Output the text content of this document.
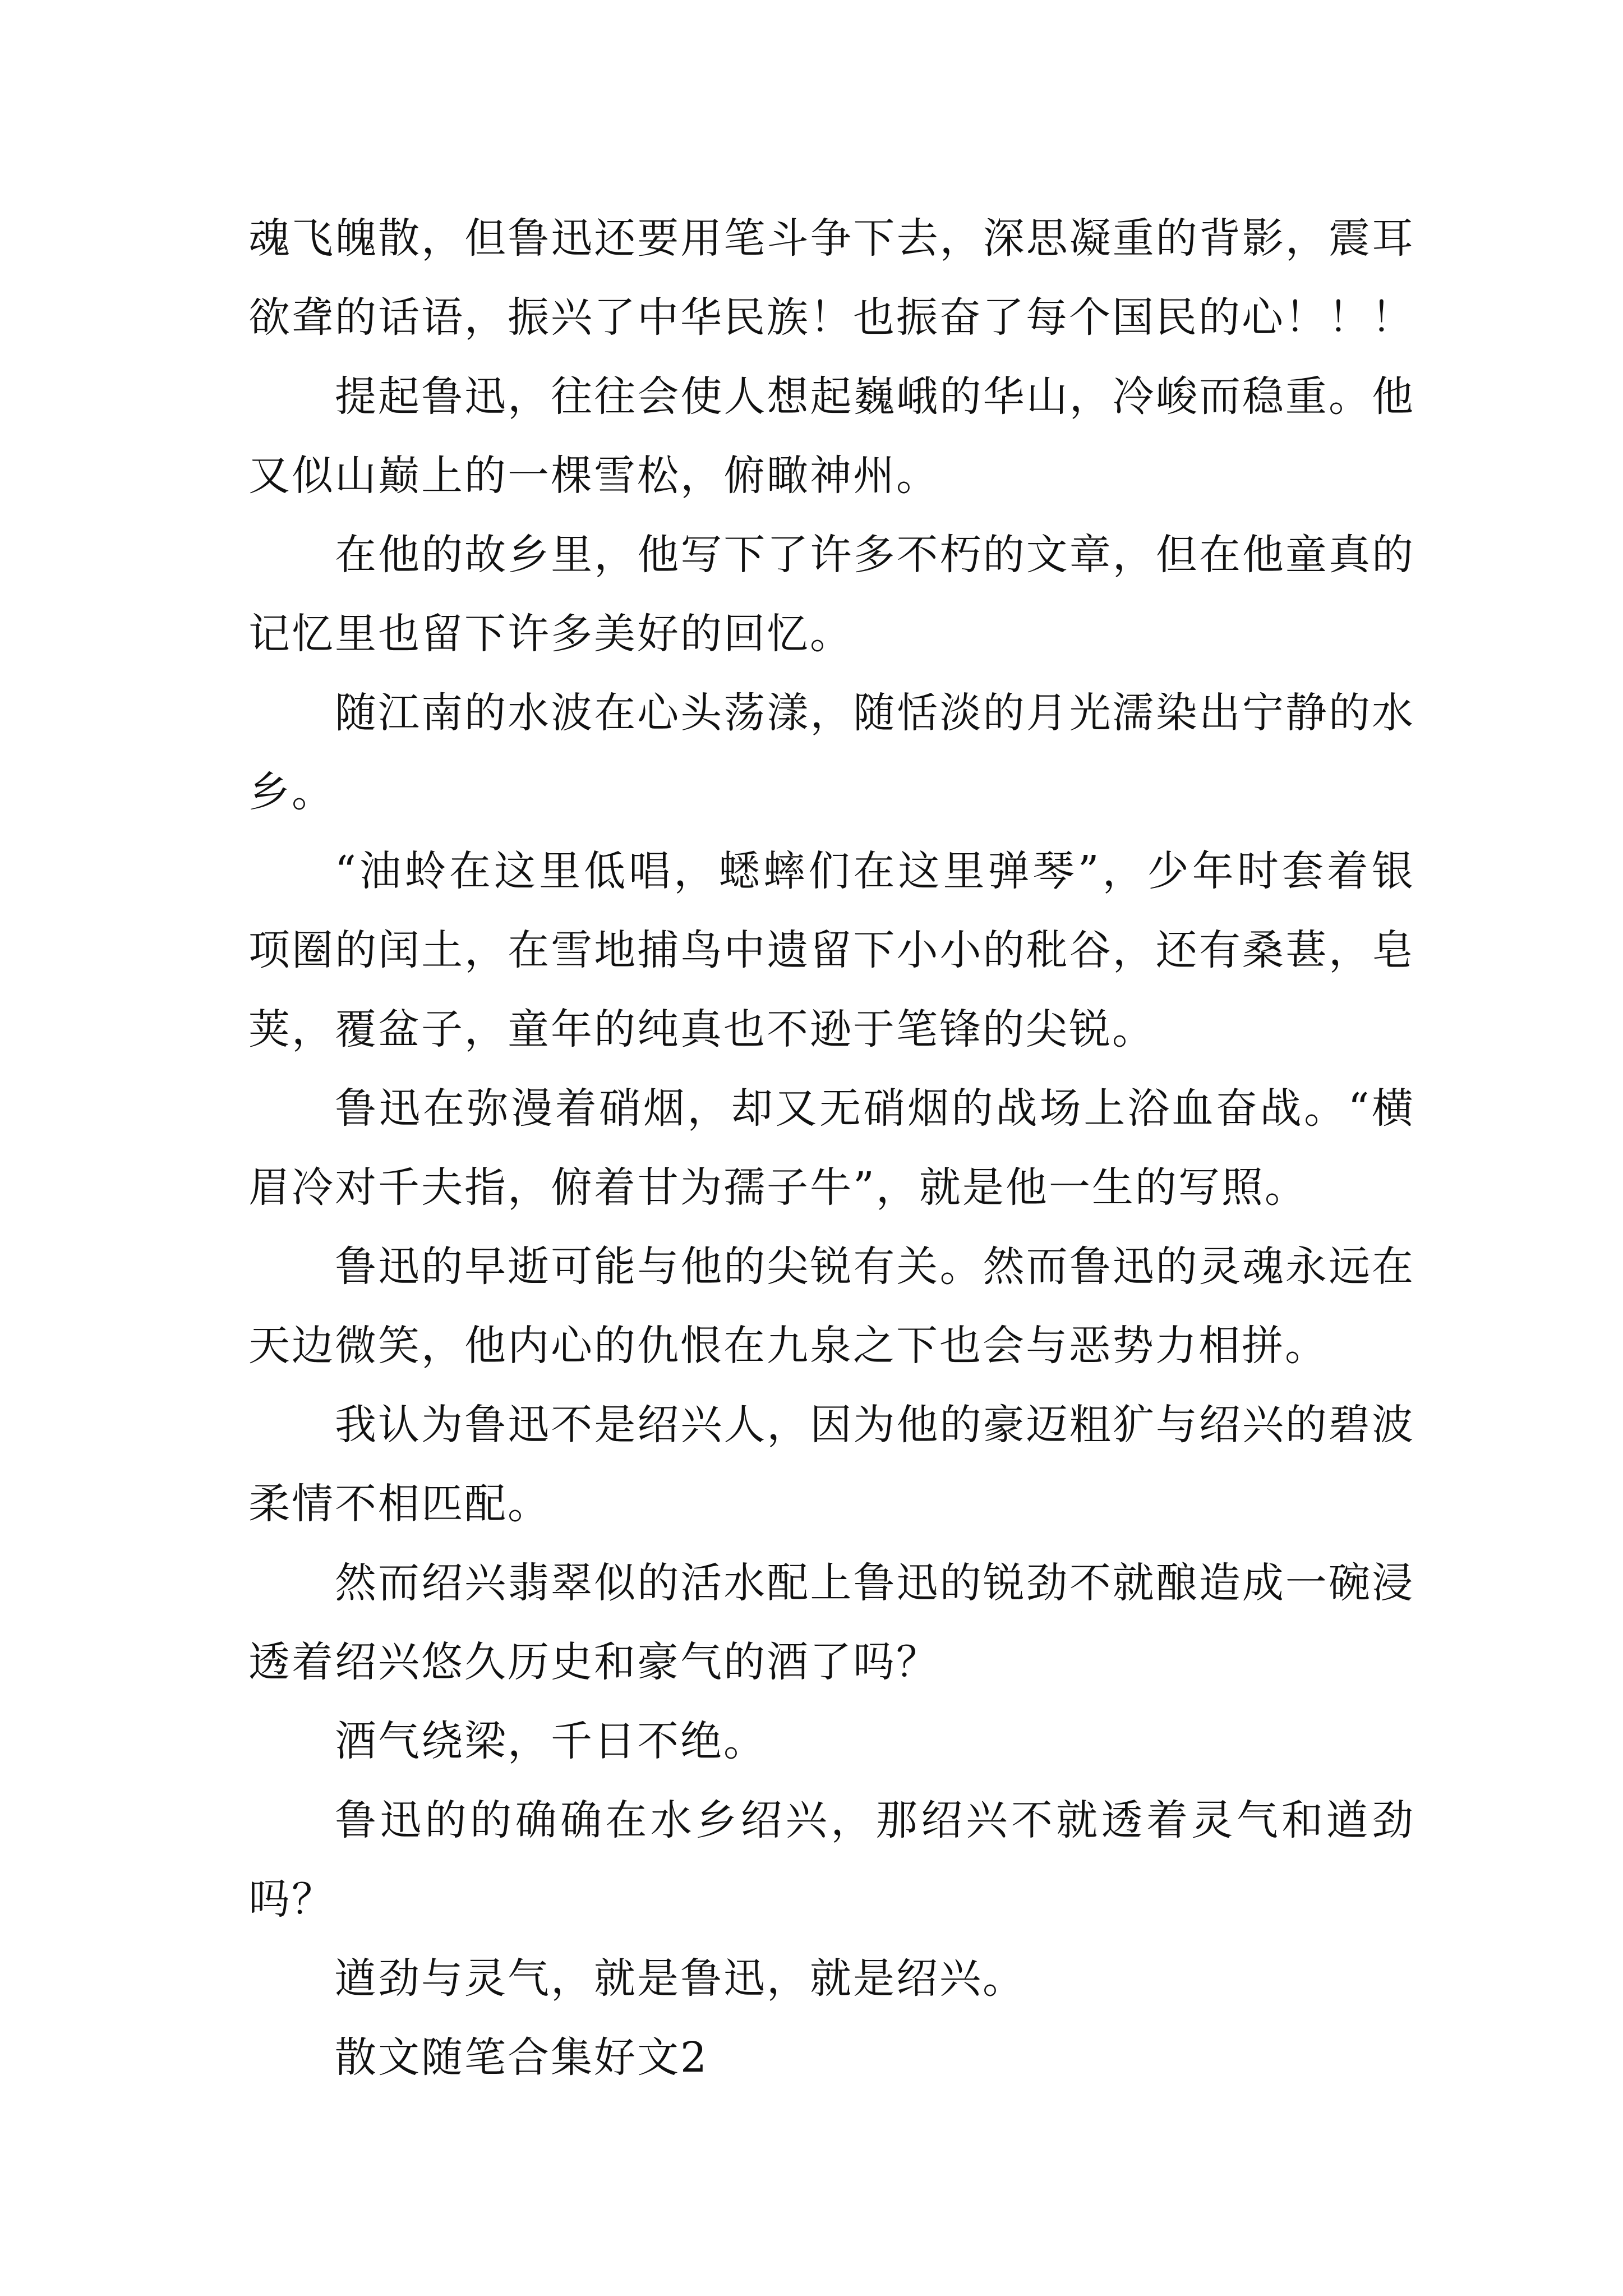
魂飞魄散，但鲁迅还要用笔斗争下去，深思凝重的背影，震耳欲聋的话语，振兴了中华民族！也振奋了每个国民的心！！！

提起鲁迅，往往会使人想起巍峨的华山，冷峻而稳重。他又似山巅上的一棵雪松，俯瞰神州。

在他的故乡里，他写下了许多不朽的文章，但在他童真的记忆里也留下许多美好的回忆。

随江南的水波在心头荡漾，随恬淡的月光濡染出宁静的水乡。

“油蛉在这里低唱，蟋蟀们在这里弹琴”，少年时套着银项圈的闰土，在雪地捕鸟中遗留下小小的秕谷，还有桑葚，皂荚，覆盆子，童年的纯真也不逊于笔锋的尖锐。

鲁迅在弥漫着硝烟，却又无硝烟的战场上浴血奋战。“横眉冷对千夫指，俯着甘为孺子牛”，就是他一生的写照。

鲁迅的早逝可能与他的尖锐有关。然而鲁迅的灵魂永远在天边微笑，他内心的仇恨在九泉之下也会与恶势力相拼。

我认为鲁迅不是绍兴人，因为他的豪迈粗犷与绍兴的碧波柔情不相匹配。

然而绍兴翡翠似的活水配上鲁迅的锐劲不就酿造成一碗浸透着绍兴悠久历史和豪气的酒了吗？

酒气绕梁，千日不绝。

鲁迅的的确确在水乡绍兴，那绍兴不就透着灵气和遒劲吗？

遒劲与灵气，就是鲁迅，就是绍兴。

散文随笔合集好文2
